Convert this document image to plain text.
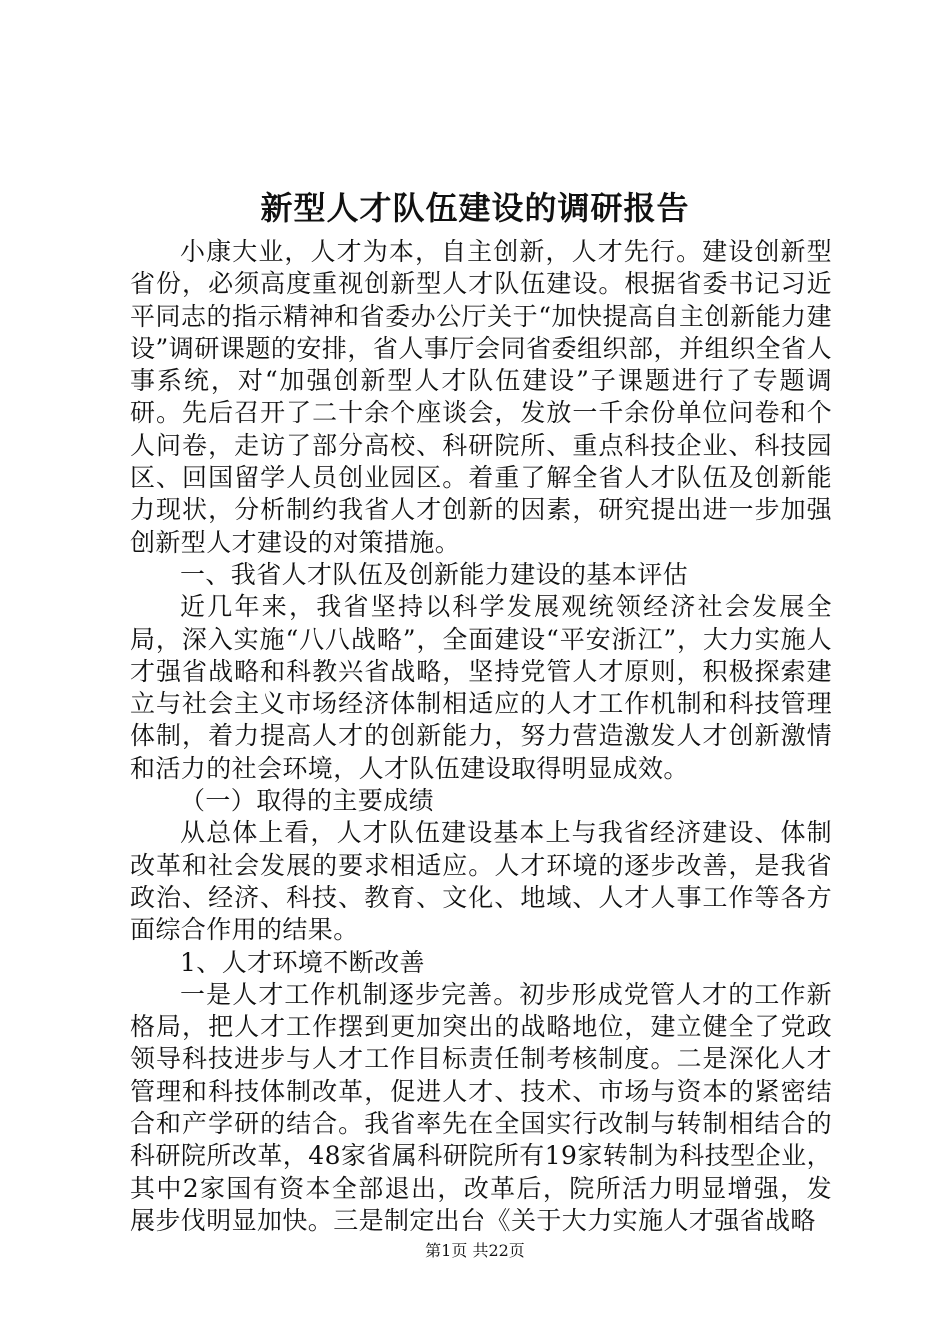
新型人才队伍建设的调研报告

小康大业，人才为本，自主创新，人才先行。建设创新型省份，必须高度重视创新型人才队伍建设。根据省委书记习近平同志的指示精神和省委办公厅关于“加快提高自主创新能力建设”调研课题的安排，省人事厅会同省委组织部，并组织全省人事系统，对“加强创新型人才队伍建设”子课题进行了专题调研。先后召开了二十余个座谈会，发放一千余份单位问卷和个人问卷，走访了部分高校、科研院所、重点科技企业、科技园区、回国留学人员创业园区。着重了解全省人才队伍及创新能力现状，分析制约我省人才创新的因素，研究提出进一步加强创新型人才建设的对策措施。

一、我省人才队伍及创新能力建设的基本评估

近几年来，我省坚持以科学发展观统领经济社会发展全局，深入实施“八八战略”，全面建设“平安浙江”，大力实施人才强省战略和科教兴省战略，坚持党管人才原则，积极探索建立与社会主义市场经济体制相适应的人才工作机制和科技管理体制，着力提高人才的创新能力，努力营造激发人才创新激情和活力的社会环境，人才队伍建设取得明显成效。

（一）取得的主要成绩

从总体上看，人才队伍建设基本上与我省经济建设、体制改革和社会发展的要求相适应。人才环境的逐步改善，是我省政治、经济、科技、教育、文化、地域、人才人事工作等各方面综合作用的结果。

1、人才环境不断改善

一是人才工作机制逐步完善。初步形成党管人才的工作新格局，把人才工作摆到更加突出的战略地位，建立健全了党政领导科技进步与人才工作目标责任制考核制度。二是深化人才管理和科技体制改革，促进人才、技术、市场与资本的紧密结合和产学研的结合。我省率先在全国实行改制与转制相结合的科研院所改革，48家省属科研院所有19家转制为科技型企业，其中2家国有资本全部退出，改革后，院所活力明显增强，发展步伐明显加快。三是制定出台《关于大力实施人才强省战略

第1页 共22页
